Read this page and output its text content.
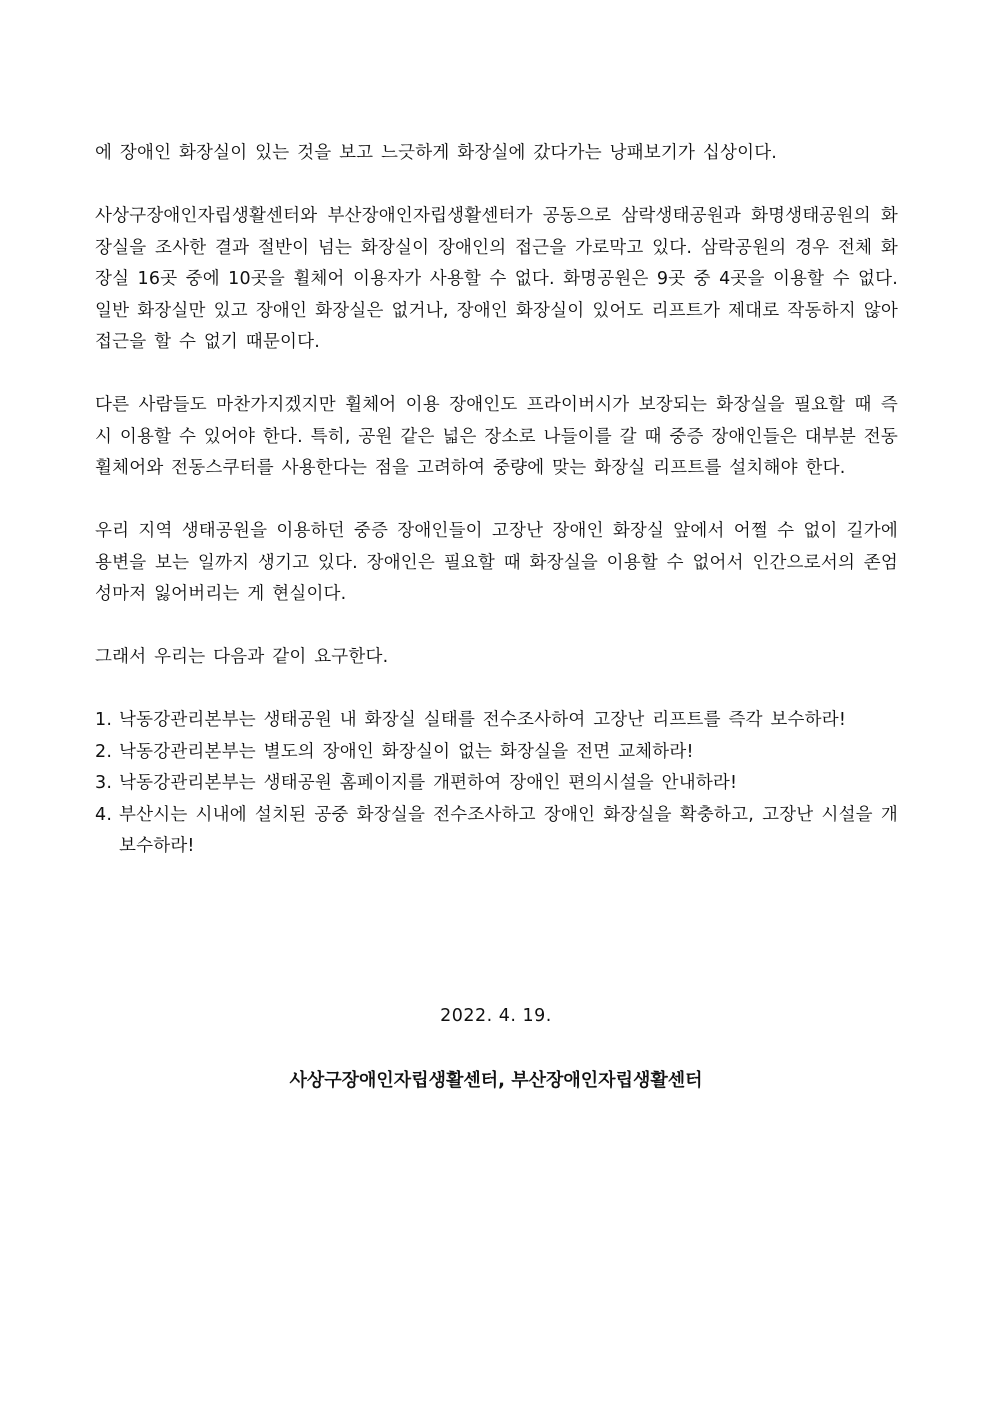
에 장애인 화장실이 있는 것을 보고 느긋하게 화장실에 갔다가는 낭패보기가 십상이다.

사상구장애인자립생활센터와 부산장애인자립생활센터가 공동으로 삼락생태공원과 화명생태공원의 화장실을 조사한 결과 절반이 넘는 화장실이 장애인의 접근을 가로막고 있다. 삼락공원의 경우 전체 화장실 16곳 중에 10곳을 휠체어 이용자가 사용할 수 없다. 화명공원은 9곳 중 4곳을 이용할 수 없다. 일반 화장실만 있고 장애인 화장실은 없거나, 장애인 화장실이 있어도 리프트가 제대로 작동하지 않아 접근을 할 수 없기 때문이다.

다른 사람들도 마찬가지겠지만 휠체어 이용 장애인도 프라이버시가 보장되는 화장실을 필요할 때 즉시 이용할 수 있어야 한다. 특히, 공원 같은 넓은 장소로 나들이를 갈 때 중증 장애인들은 대부분 전동휠체어와 전동스쿠터를 사용한다는 점을 고려하여 중량에 맞는 화장실 리프트를 설치해야 한다.

우리 지역 생태공원을 이용하던 중증 장애인들이 고장난 장애인 화장실 앞에서 어쩔 수 없이 길가에 용변을 보는 일까지 생기고 있다. 장애인은 필요할 때 화장실을 이용할 수 없어서 인간으로서의 존엄성마저 잃어버리는 게 현실이다.

그래서 우리는 다음과 같이 요구한다.

1. 낙동강관리본부는 생태공원 내 화장실 실태를 전수조사하여 고장난 리프트를 즉각 보수하라!
2. 낙동강관리본부는 별도의 장애인 화장실이 없는 화장실을 전면 교체하라!
3. 낙동강관리본부는 생태공원 홈페이지를 개편하여 장애인 편의시설을 안내하라!
4. 부산시는 시내에 설치된 공중 화장실을 전수조사하고 장애인 화장실을 확충하고, 고장난 시설을 개보수하라!
2022. 4. 19.
사상구장애인자립생활센터, 부산장애인자립생활센터
